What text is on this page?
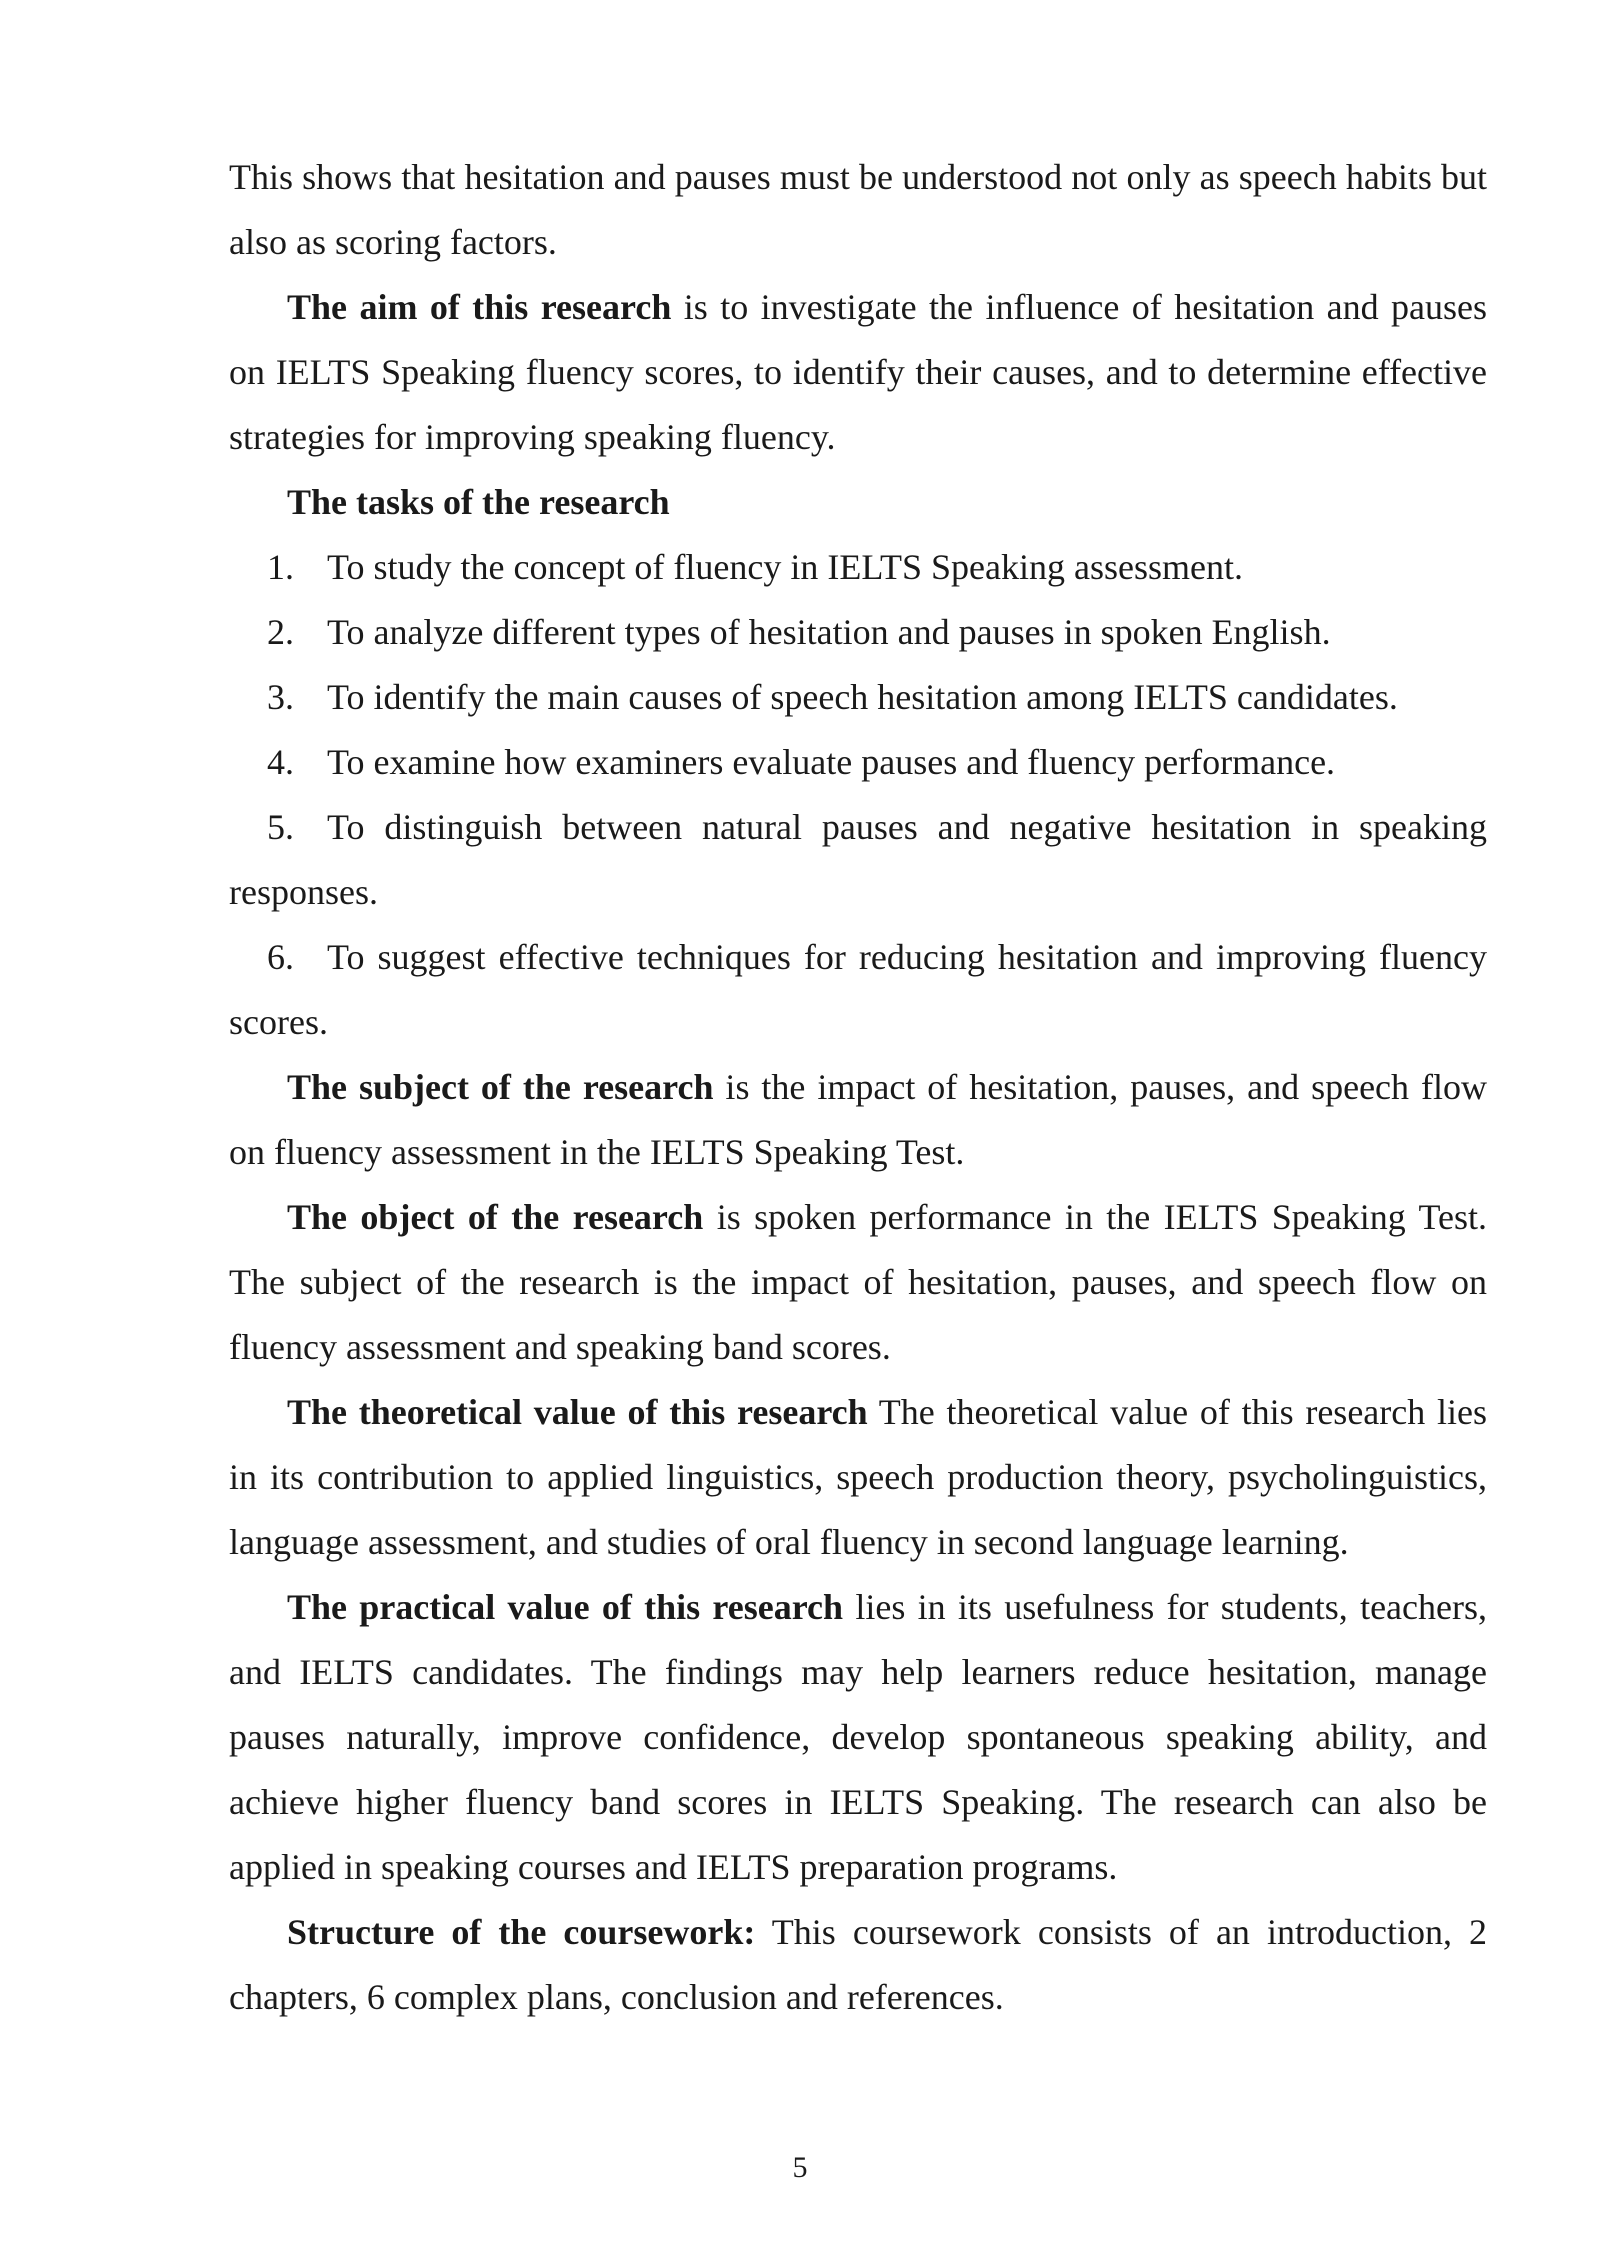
This shows that hesitation and pauses must be understood not only as speech habits but also as scoring factors.

The aim of this research is to investigate the influence of hesitation and pauses on IELTS Speaking fluency scores, to identify their causes, and to determine effective strategies for improving speaking fluency.

The tasks of the research

1. To study the concept of fluency in IELTS Speaking assessment.

2. To analyze different types of hesitation and pauses in spoken English.

3. To identify the main causes of speech hesitation among IELTS candidates.

4. To examine how examiners evaluate pauses and fluency performance.

5. To distinguish between natural pauses and negative hesitation in speaking responses.

6. To suggest effective techniques for reducing hesitation and improving fluency scores.

The subject of the research is the impact of hesitation, pauses, and speech flow on fluency assessment in the IELTS Speaking Test.

The object of the research is spoken performance in the IELTS Speaking Test. The subject of the research is the impact of hesitation, pauses, and speech flow on fluency assessment and speaking band scores.

The theoretical value of this research The theoretical value of this research lies in its contribution to applied linguistics, speech production theory, psycholinguistics, language assessment, and studies of oral fluency in second language learning.

The practical value of this research lies in its usefulness for students, teachers, and IELTS candidates. The findings may help learners reduce hesitation, manage pauses naturally, improve confidence, develop spontaneous speaking ability, and achieve higher fluency band scores in IELTS Speaking. The research can also be applied in speaking courses and IELTS preparation programs.

Structure of the coursework: This coursework consists of an introduction, 2 chapters, 6 complex plans, conclusion and references.

5
